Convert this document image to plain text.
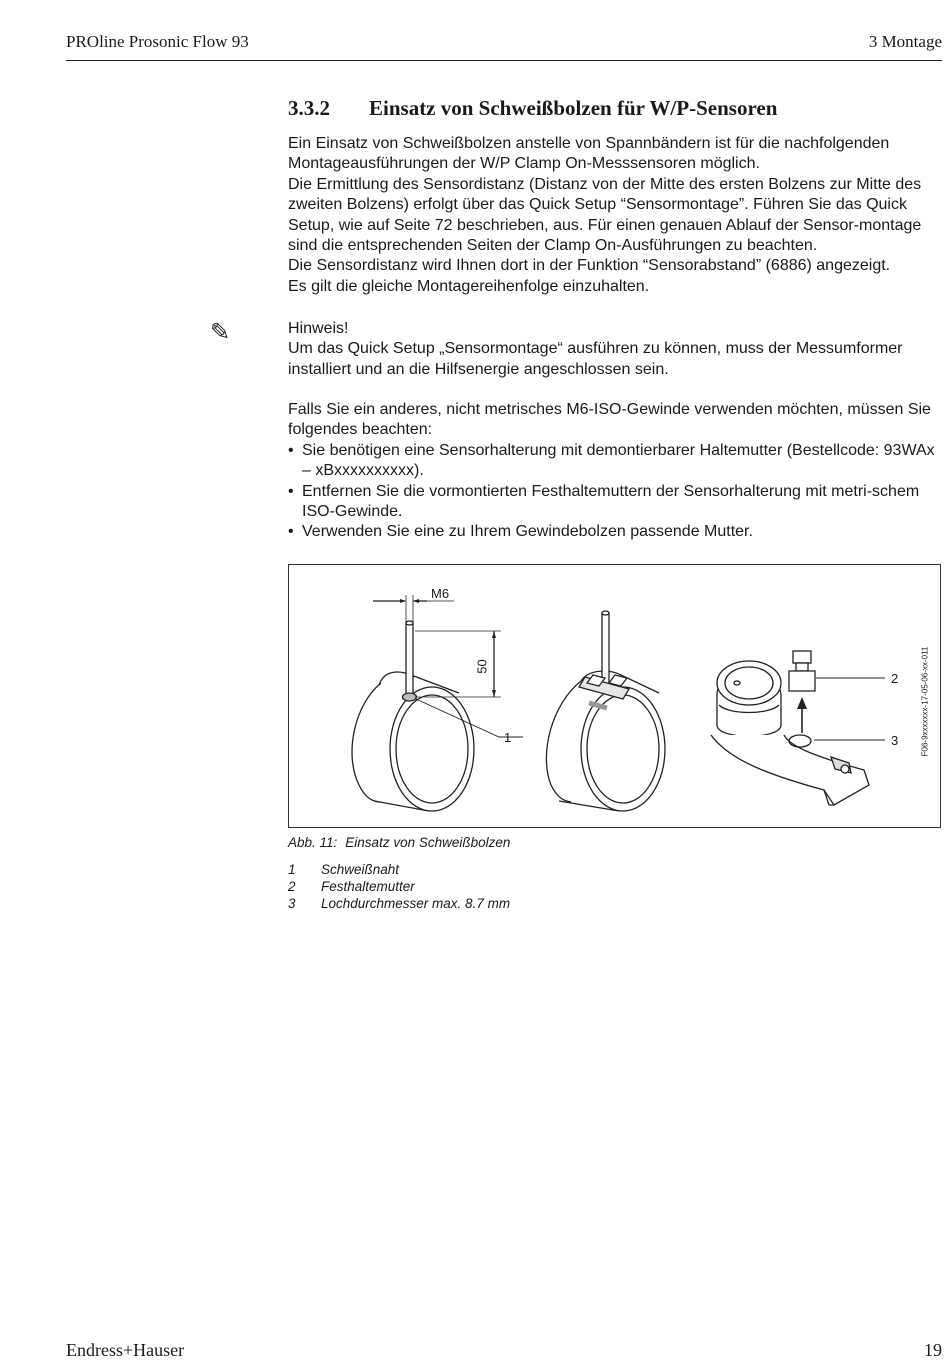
PROline Prosonic Flow 93	3 Montage
3.3.2 Einsatz von Schweißbolzen für W/P-Sensoren

Ein Einsatz von Schweißbolzen anstelle von Spannbändern ist für die nachfolgenden Montageausführungen der W/P Clamp On-Messsensoren möglich.

Die Ermittlung des Sensordistanz (Distanz von der Mitte des ersten Bolzens zur Mitte des zweiten Bolzens) erfolgt über das Quick Setup “Sensormontage”. Führen Sie das Quick Setup, wie auf Seite 72 beschrieben, aus. Für einen genauen Ablauf der Sensor-montage sind die entsprechenden Seiten der Clamp On-Ausführungen zu beachten.

Die Sensordistanz wird Ihnen dort in der Funktion “Sensorabstand” (6886) angezeigt.

Es gilt die gleiche Montagereihenfolge einzuhalten.

✎	Hinweis!

Um das Quick Setup „Sensormontage“ ausführen zu können, muss der Messumformer installiert und an die Hilfsenergie angeschlossen sein.

Falls Sie ein anderes, nicht metrisches M6-ISO-Gewinde verwenden möchten, müssen Sie folgendes beachten:

• Sie benötigen eine Sensorhalterung mit demontierbarer Haltemutter (Bestellcode: 93WAx – xBxxxxxxxxxx).
• Entfernen Sie die vormontierten Festhaltemuttern der Sensorhalterung mit metri-schem ISO-Gewinde.
• Verwenden Sie eine zu Ihrem Gewindebolzen passende Mutter.
M6
50
1
2
3	F06-9xxxxxxx-17-05-06-xx-011
Abb. 11: Einsatz von Schweißbolzen
1	Schweißnaht
2	Festhaltemutter
3	Lochdurchmesser max. 8.7 mm
Endress+Hauser	19
